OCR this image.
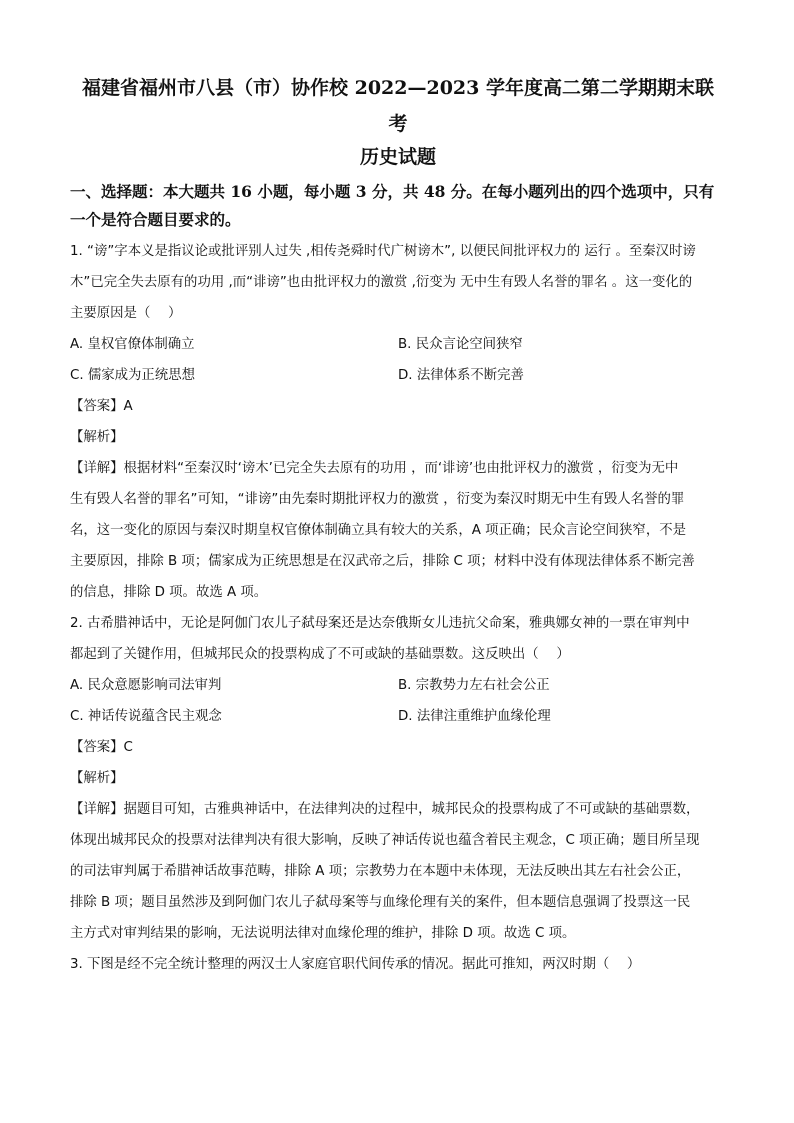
福建省福州市八县（市）协作校 2022—2023 学年度高二第二学期期末联

考

历史试题

一、选择题：本大题共 16 小题，每小题 3 分，共 48 分。在每小题列出的四个选项中，只有

一个是符合题目要求的。

1. “谤”字本义是指议论或批评别人过失 ,相传尧舜时代广树谤木”, 以便民间批评权力的 运行 。至秦汉时谤

木”已完全失去原有的功用 ,而“诽谤”也由批评权力的激赏 ,衍变为 无中生有毁人名誉的罪名 。这一变化的

主要原因是（　 ）

A. 皇权官僚体制确立	B. 民众言论空间狭窄
C. 儒家成为正统思想	D. 法律体系不断完善

【答案】A

【解析】

【详解】根据材料“至秦汉时‘谤木’已完全失去原有的功用 ，而‘诽谤’也由批评权力的激赏 ，衍变为无中

生有毁人名誉的罪名”可知，“诽谤”由先秦时期批评权力的激赏 ，衍变为秦汉时期无中生有毁人名誉的罪

名，这一变化的原因与秦汉时期皇权官僚体制确立具有较大的关系，A 项正确；民众言论空间狭窄，不是

主要原因，排除 B 项；儒家成为正统思想是在汉武帝之后，排除 C 项；材料中没有体现法律体系不断完善

的信息，排除 D 项。故选 A 项。

2. 古希腊神话中，无论是阿伽门农儿子弑母案还是达奈俄斯女儿违抗父命案，雅典娜女神的一票在审判中

都起到了关键作用，但城邦民众的投票构成了不可或缺的基础票数。这反映出（　 ）

A. 民众意愿影响司法审判	B. 宗教势力左右社会公正
C. 神话传说蕴含民主观念	D. 法律注重维护血缘伦理

【答案】C

【解析】

【详解】据题目可知，古雅典神话中，在法律判决的过程中，城邦民众的投票构成了不可或缺的基础票数，

体现出城邦民众的投票对法律判决有很大影响，反映了神话传说也蕴含着民主观念，C 项正确；题目所呈现

的司法审判属于希腊神话故事范畴，排除 A 项；宗教势力在本题中未体现，无法反映出其左右社会公正，

排除 B 项；题目虽然涉及到阿伽门农儿子弑母案等与血缘伦理有关的案件，但本题信息强调了投票这一民

主方式对审判结果的影响，无法说明法律对血缘伦理的维护，排除 D 项。故选 C 项。

3. 下图是经不完全统计整理的两汉士人家庭官职代间传承的情况。据此可推知，两汉时期（　 ）
